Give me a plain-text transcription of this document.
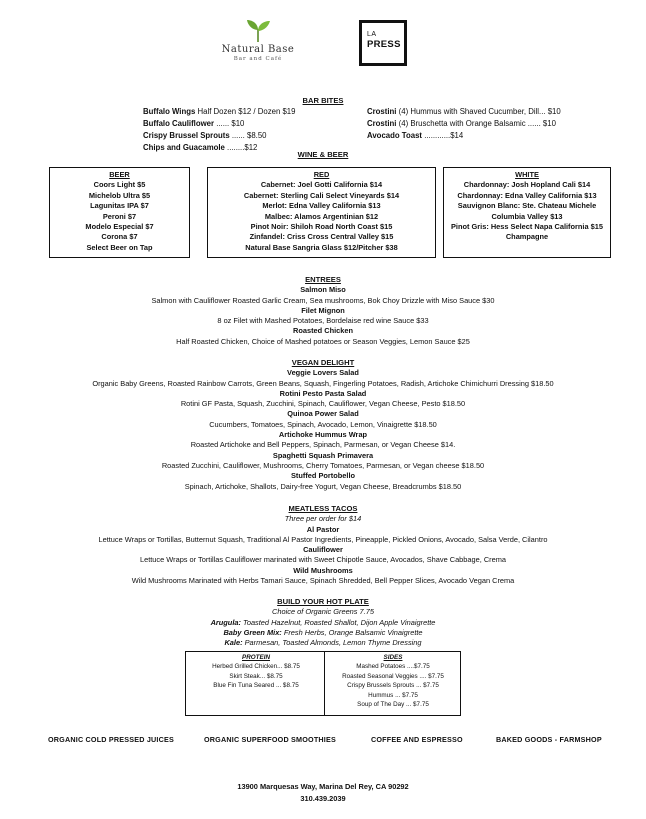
Natural Base
Bar and Café
LA
PRESS
BAR BITES
Buffalo Wings Half Dozen $12 / Dozen $19
Buffalo Cauliflower ...... $10
Crispy Brussel Sprouts ...... $8.50
Chips and Guacamole ........$12
Crostini (4) Hummus with Shaved Cucumber, Dill... $10
Crostini (4) Bruschetta with Orange Balsamic ...... $10
Avocado Toast ............$14
WINE & BEER
BEER
Coors Light $5
Michelob Ultra $5
Lagunitas IPA $7
Peroni $7
Modelo Especial $7
Corona $7
Select Beer on Tap
RED
Cabernet: Joel Gotti California $14
Cabernet: Sterling Cali Select Vineyards $14
Merlot: Edna Valley California $13
Malbec: Alamos Argentinian $12
Pinot Noir: Shiloh Road North Coast $15
Zinfandel: Criss Cross Central Valley $15
Natural Base Sangria Glass $12/Pitcher $38
WHITE
Chardonnay: Josh Hopland Cali $14
Chardonnay: Edna Valley California $13
Sauvignon Blanc: Ste. Chateau Michele
Columbia Valley $13
Pinot Gris: Hess Select Napa California $15
Champagne
ENTREES
Salmon Miso
Salmon with Cauliflower Roasted Garlic Cream, Sea mushrooms, Bok Choy Drizzle with Miso Sauce $30
Filet Mignon
8 oz Filet with Mashed Potatoes, Bordelaise red wine Sauce $33
Roasted Chicken
Half Roasted Chicken, Choice of Mashed potatoes or Season Veggies, Lemon Sauce $25
VEGAN DELIGHT
Veggie Lovers Salad
Organic Baby Greens, Roasted Rainbow Carrots, Green Beans, Squash, Fingerling Potatoes, Radish, Artichoke Chimichurri Dressing $18.50
Rotini Pesto Pasta Salad
Rotini GF Pasta, Squash, Zucchini, Spinach, Cauliflower, Vegan Cheese, Pesto $18.50
Quinoa Power Salad
Cucumbers, Tomatoes, Spinach, Avocado, Lemon, Vinaigrette $18.50
Artichoke Hummus Wrap
Roasted Artichoke and Bell Peppers, Spinach, Parmesan, or Vegan Cheese $14.
Spaghetti Squash Primavera
Roasted Zucchini, Cauliflower, Mushrooms, Cherry Tomatoes, Parmesan, or Vegan cheese $18.50
Stuffed Portobello
Spinach, Artichoke, Shallots, Dairy-free Yogurt, Vegan Cheese, Breadcrumbs $18.50
MEATLESS TACOS
Three per order for $14
Al Pastor
Lettuce Wraps or Tortillas, Butternut Squash, Traditional Al Pastor Ingredients, Pineapple, Pickled Onions, Avocado, Salsa Verde, Cilantro
Cauliflower
Lettuce Wraps or Tortillas Cauliflower marinated with Sweet Chipotle Sauce, Avocados, Shave Cabbage, Crema
Wild Mushrooms
Wild Mushrooms Marinated with Herbs Tamari Sauce, Spinach Shredded, Bell Pepper Slices, Avocado Vegan Crema
BUILD YOUR HOT PLATE
Choice of Organic Greens 7.75
Arugula: Toasted Hazelnut, Roasted Shallot, Dijon Apple Vinaigrette
Baby Green Mix: Fresh Herbs, Orange Balsamic Vinaigrette
Kale: Parmesan, Toasted Almonds, Lemon Thyme Dressing
PROTEIN
Herbed Grilled Chicken... $8.75
Skirt Steak... $8.75
Blue Fin Tuna Seared ... $8.75
SIDES
Mashed Potatoes ....$7.75
Roasted Seasonal Veggies .... $7.75
Crispy Brussels Sprouts ... $7.75
Hummus ... $7.75
Soup of The Day ... $7.75
ORGANIC COLD PRESSED JUICES	ORGANIC SUPERFOOD SMOOTHIES	COFFEE AND ESPRESSO	BAKED GOODS - FARMSHOP
13900 Marquesas Way, Marina Del Rey, CA 90292
310.439.2039
